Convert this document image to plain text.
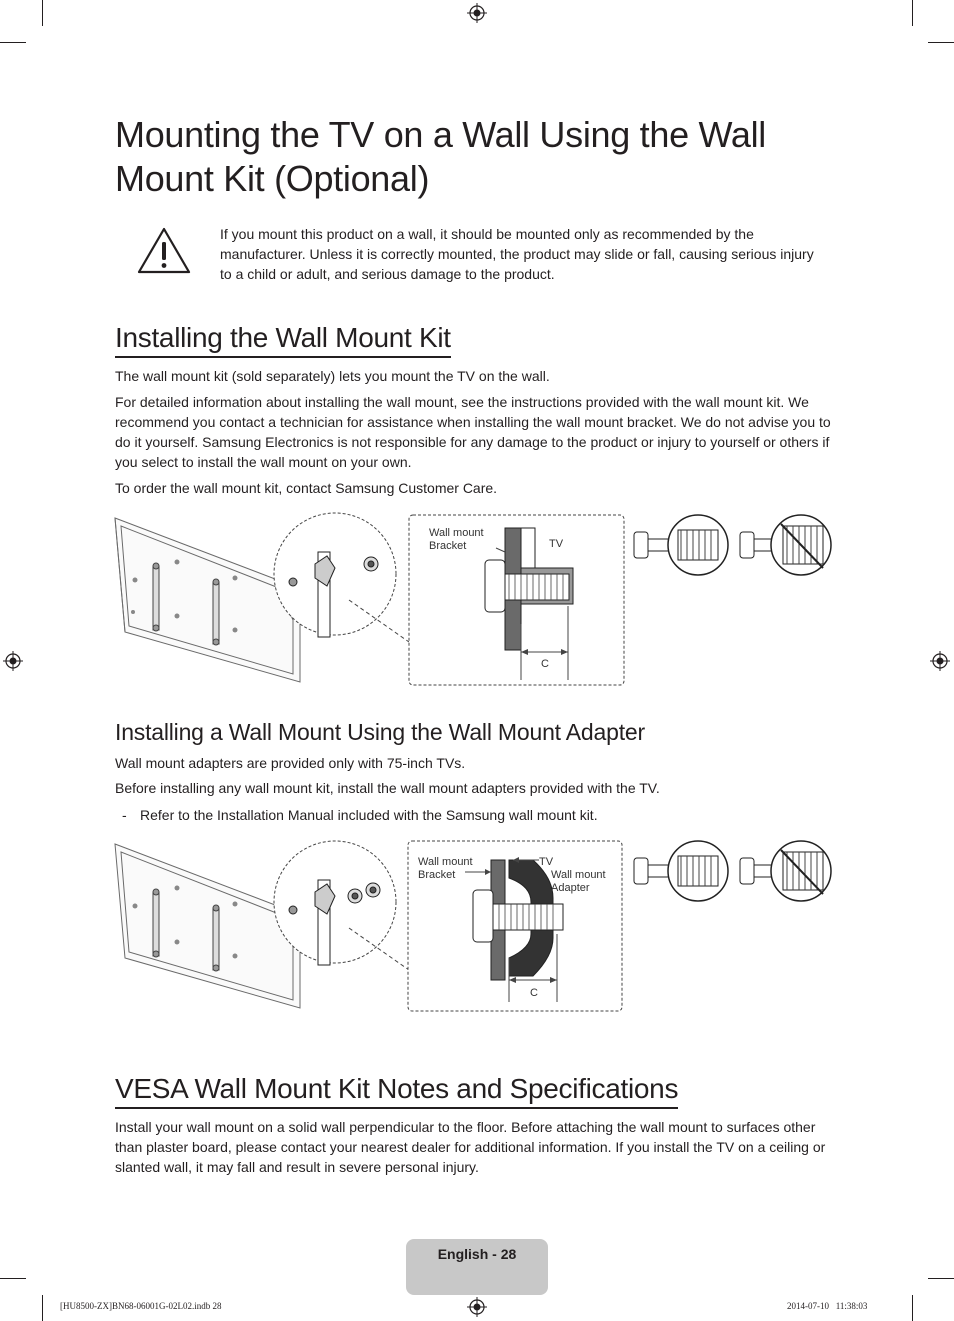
Mounting the TV on a Wall Using the Wall Mount Kit (Optional)
If you mount this product on a wall, it should be mounted only as recommended by the manufacturer. Unless it is correctly mounted, the product may slide or fall, causing serious injury to a child or adult, and serious damage to the product.
Installing the Wall Mount Kit

The wall mount kit (sold separately) lets you mount the TV on the wall.

For detailed information about installing the wall mount, see the instructions provided with the wall mount kit. We recommend you contact a technician for assistance when installing the wall mount bracket. We do not advise you to do it yourself. Samsung Electronics is not responsible for any damage to the product or injury to yourself or others if you select to install the wall mount on your own.

To order the wall mount kit, contact Samsung Customer Care.

Wall mount
Bracket	TV
C
Installing a Wall Mount Using the Wall Mount Adapter

Wall mount adapters are provided only with 75-inch TVs.

Before installing any wall mount kit, install the wall mount adapters provided with the TV.

- Refer to the Installation Manual included with the Samsung wall mount kit.

Wall mount
Bracket
TV
Wall mount
Adapter
C
VESA Wall Mount Kit Notes and Specifications

Install your wall mount on a solid wall perpendicular to the floor. Before attaching the wall mount to surfaces other than plaster board, please contact your nearest dealer for additional information. If you install the TV on a ceiling or slanted wall, it may fall and result in severe personal injury.

English - 28
[HU8500-ZX]BN68-06001G-02L02.indb 28	2014-07-10   11:38:03
